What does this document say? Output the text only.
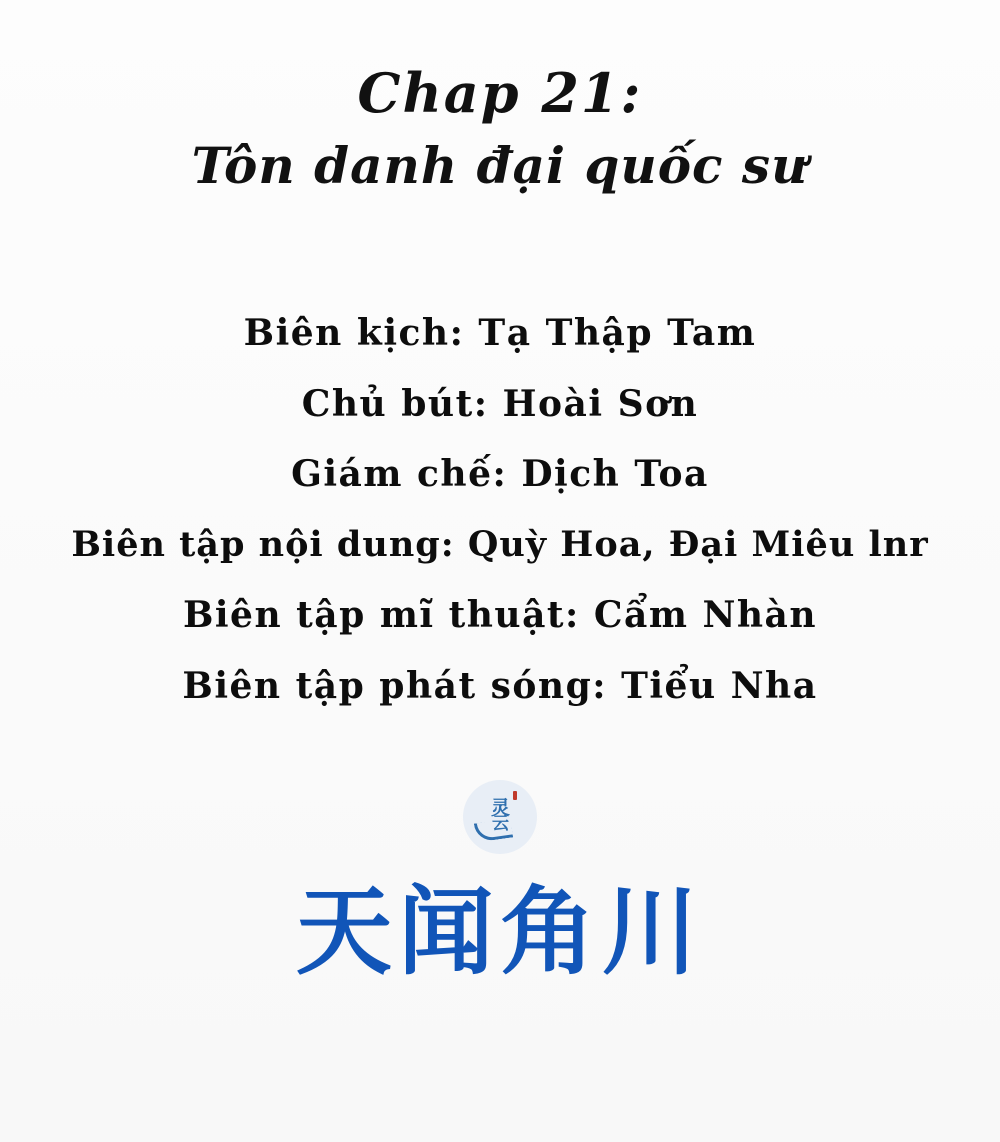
Chap 21:
Tôn danh đại quốc sư
Biên kịch: Tạ Thập Tam
Chủ bút: Hoài Sơn
Giám chế: Dịch Toa
Biên tập nội dung: Quỳ Hoa, Đại Miêu lnr
Biên tập mĩ thuật: Cẩm Nhàn
Biên tập phát sóng: Tiểu Nha
灵
云
天闻角川
